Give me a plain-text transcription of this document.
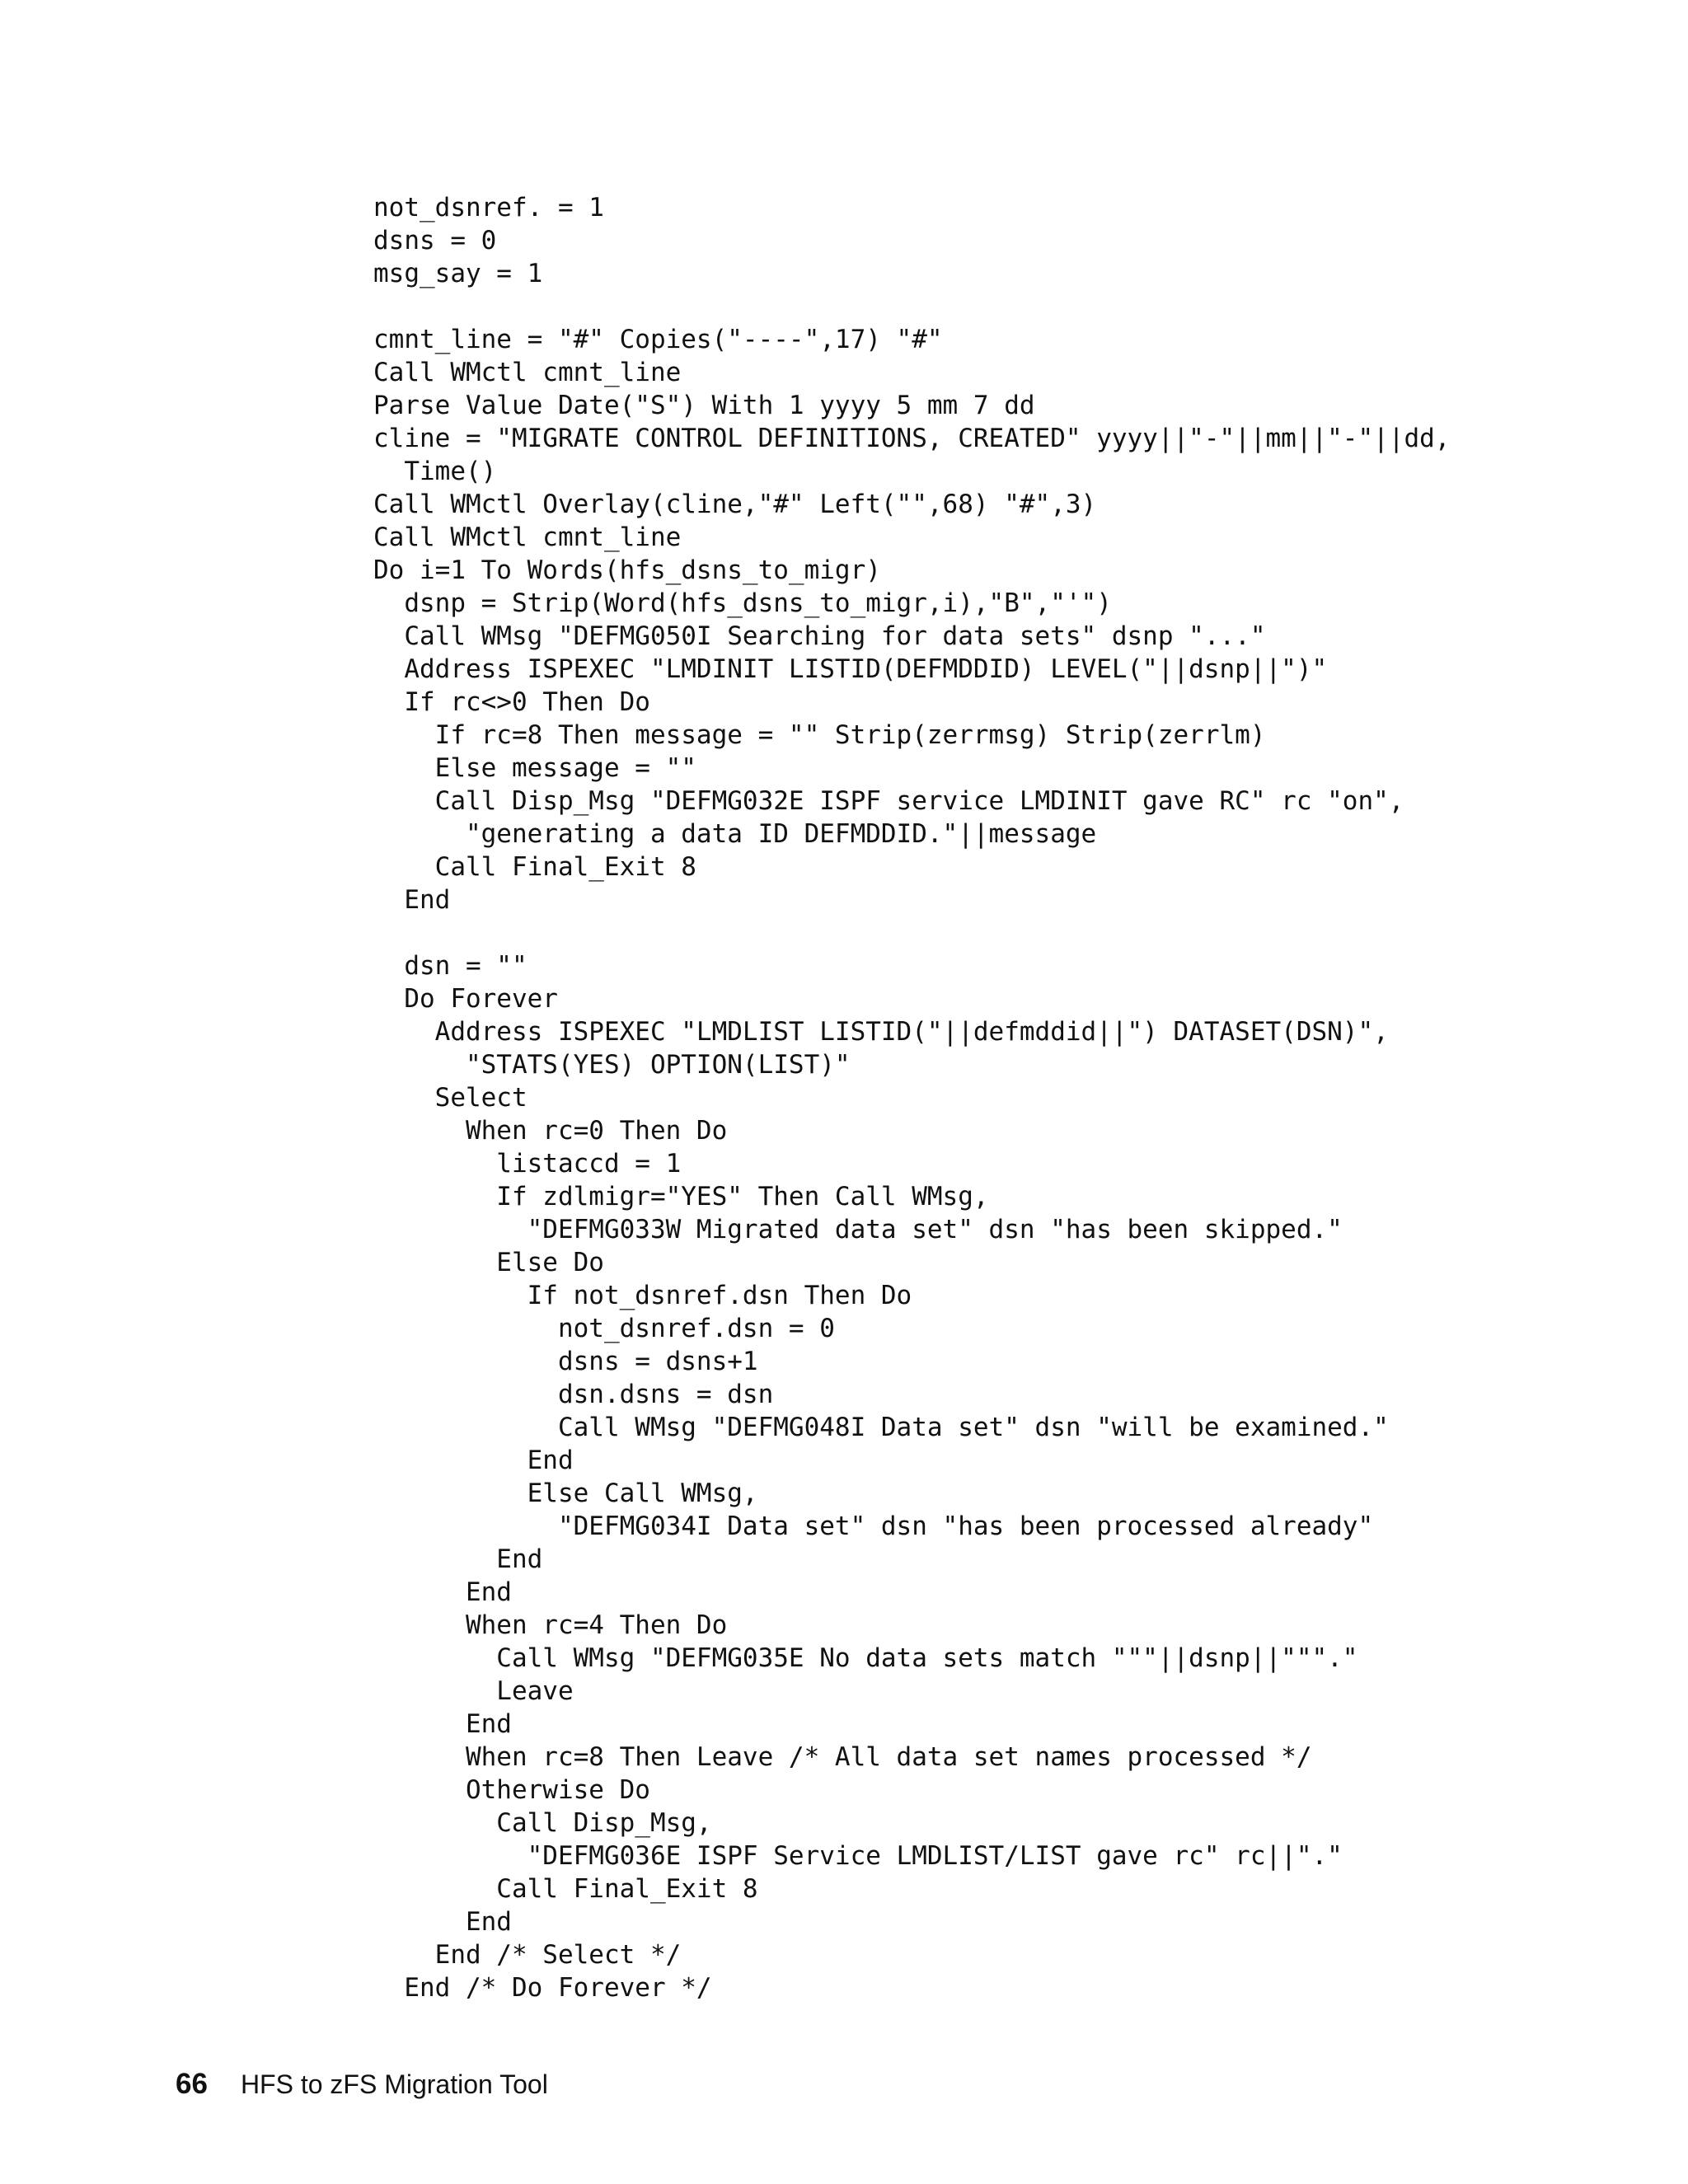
not_dsnref. = 1
dsns = 0
msg_say = 1
cmnt_line = "#" Copies("----",17) "#"
Call WMctl cmnt_line
Parse Value Date("S") With 1 yyyy 5 mm 7 dd
cline = "MIGRATE CONTROL DEFINITIONS, CREATED" yyyy||"-"||mm||"-"||dd,
Time()
Call WMctl Overlay(cline,"#" Left("",68) "#",3)
Call WMctl cmnt_line
Do i=1 To Words(hfs_dsns_to_migr)
dsnp = Strip(Word(hfs_dsns_to_migr,i),"B","'")
Call WMsg "DEFMG050I Searching for data sets" dsnp "..."
Address ISPEXEC "LMDINIT LISTID(DEFMDDID) LEVEL("||dsnp||")"
If rc<>0 Then Do
If rc=8 Then message = "" Strip(zerrmsg) Strip(zerrlm)
Else message = ""
Call Disp_Msg "DEFMG032E ISPF service LMDINIT gave RC" rc "on",
"generating a data ID DEFMDDID."||message
Call Final_Exit 8
End
dsn = ""
Do Forever
Address ISPEXEC "LMDLIST LISTID("||defmddid||") DATASET(DSN)",
"STATS(YES) OPTION(LIST)"
Select
When rc=0 Then Do
listaccd = 1
If zdlmigr="YES" Then Call WMsg,
"DEFMG033W Migrated data set" dsn "has been skipped."
Else Do
If not_dsnref.dsn Then Do
not_dsnref.dsn = 0
dsns = dsns+1
dsn.dsns = dsn
Call WMsg "DEFMG048I Data set" dsn "will be examined."
End
Else Call WMsg,
"DEFMG034I Data set" dsn "has been processed already"
End
End
When rc=4 Then Do
Call WMsg "DEFMG035E No data sets match """||dsnp||"""."
Leave
End
When rc=8 Then Leave /* All data set names processed */
Otherwise Do
Call Disp_Msg,
"DEFMG036E ISPF Service LMDLIST/LIST gave rc" rc||"."
Call Final_Exit 8
End
End /* Select */
End /* Do Forever */
66 HFS to zFS Migration Tool
